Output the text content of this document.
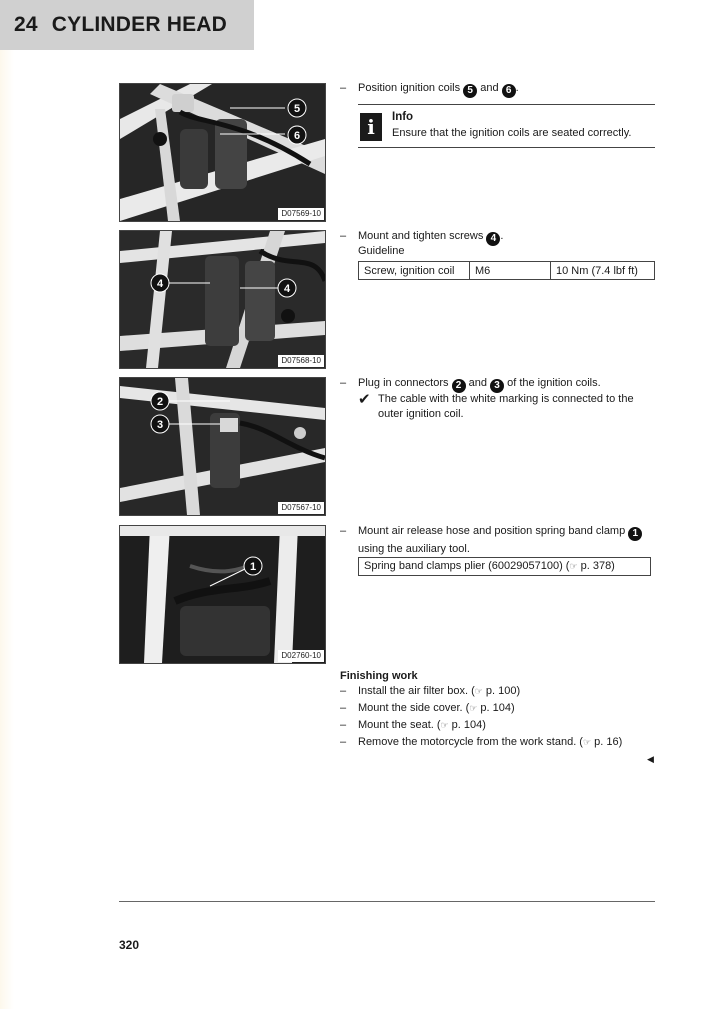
24 CYLINDER HEAD
5
6
D07569-10
4	4
D07568-10
2
3
D07567-10
1
D02760-10
– Position ignition coils 5 and 6 .
i	Info
Ensure that the ignition coils are seated correctly.
– Mount and tighten screws 4 .
Guideline
Screw, ignition coil	M6	10 Nm (7.4 lbf ft)
– Plug in connectors 2 and 3 of the ignition coils.
✔ The cable with the white marking is connected to the outer ignition coil.
– Mount air release hose and position spring band clamp 1 using the auxiliary tool.
Spring band clamps plier (60029057100) (☞ p. 378)
Finishing work
– Install the air filter box. (☞ p. 100)
– Mount the side cover. (☞ p. 104)
– Mount the seat. (☞ p. 104)
– Remove the motorcycle from the work stand. (☞ p. 16)
◀
320
